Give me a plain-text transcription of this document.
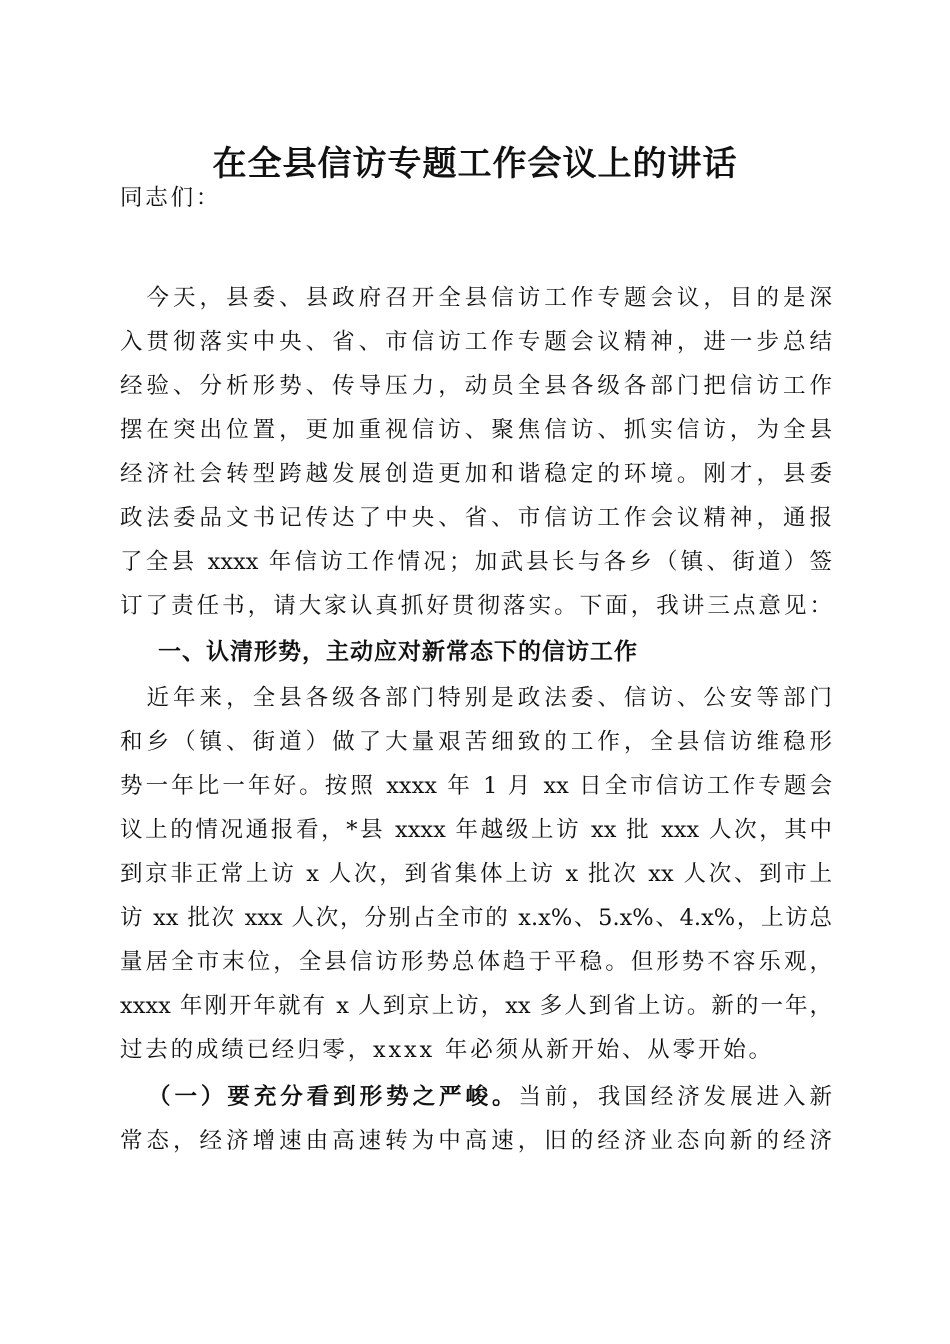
在全县信访专题工作会议上的讲话
同志们：
　今天，县委、县政府召开全县信访工作专题会议，目的是深
入贯彻落实中央、省、市信访工作专题会议精神，进一步总结
经验、分析形势、传导压力，动员全县各级各部门把信访工作
摆在突出位置，更加重视信访、聚焦信访、抓实信访，为全县
经济社会转型跨越发展创造更加和谐稳定的环境。刚才，县委
政法委品文书记传达了中央、省、市信访工作会议精神，通报
了全县 xxxx 年信访工作情况；加武县长与各乡（镇、街道）签
订了责任书，请大家认真抓好贯彻落实。下面，我讲三点意见：
一、认清形势，主动应对新常态下的信访工作
　近年来，全县各级各部门特别是政法委、信访、公安等部门
和乡（镇、街道）做了大量艰苦细致的工作，全县信访维稳形
势一年比一年好。按照 xxxx 年 1 月 xx 日全市信访工作专题会
议上的情况通报看，*县 xxxx 年越级上访 xx 批 xxx 人次，其中
到京非正常上访 x 人次，到省集体上访 x 批次 xx 人次、到市上
访 xx 批次 xxx 人次，分别占全市的 x.x%、5.x%、4.x%，上访总
量居全市末位，全县信访形势总体趋于平稳。但形势不容乐观，
xxxx 年刚开年就有 x 人到京上访，xx 多人到省上访。新的一年，
过去的成绩已经归零，xxxx 年必须从新开始、从零开始。
（一）要充分看到形势之严峻。当前，我国经济发展进入新
常态，经济增速由高速转为中高速，旧的经济业态向新的经济
